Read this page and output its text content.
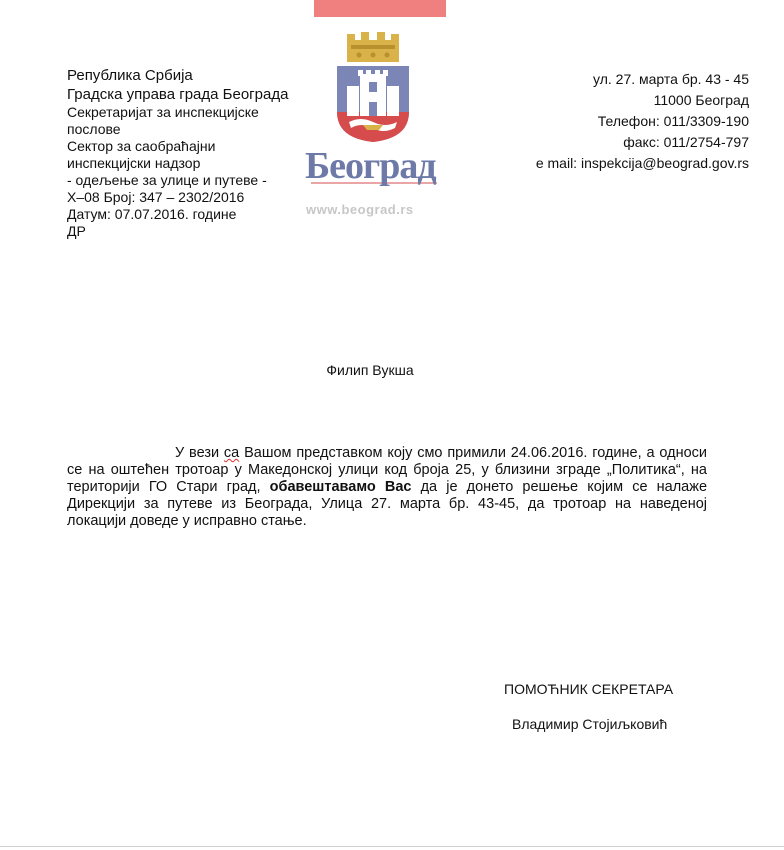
Република Србија
Градска управа града Београда
Секретаријат за инспекцијске
послове
Сектор за саобраћајни
инспекцијски надзор
- одељење за улице и путеве -
X–08 Број: 347 – 2302/2016
Датум: 07.07.2016. године
ДР
Београд
www.beograd.rs
ул. 27. марта бр. 43 - 45
11000 Београд
Телефон: 011/3309-190
факс: 011/2754-797
e mail: inspekcija@beograd.gov.rs
Филип Вукша
У вези са Вашом представком коју смо примили 24.06.2016. године, а односи се на оштећен тротоар у Македонској улици код броја 25, у близини зграде „Политика“, на територији ГО Стари град, обавештавамо Вас да је донето решење којим се налаже Дирекцији за путеве из Београда, Улица 27. марта бр. 43-45, да тротоар на наведеној локацији доведе у исправно стање.
ПОМОЋНИК СЕКРЕТАРА
Владимир Стојиљковић
